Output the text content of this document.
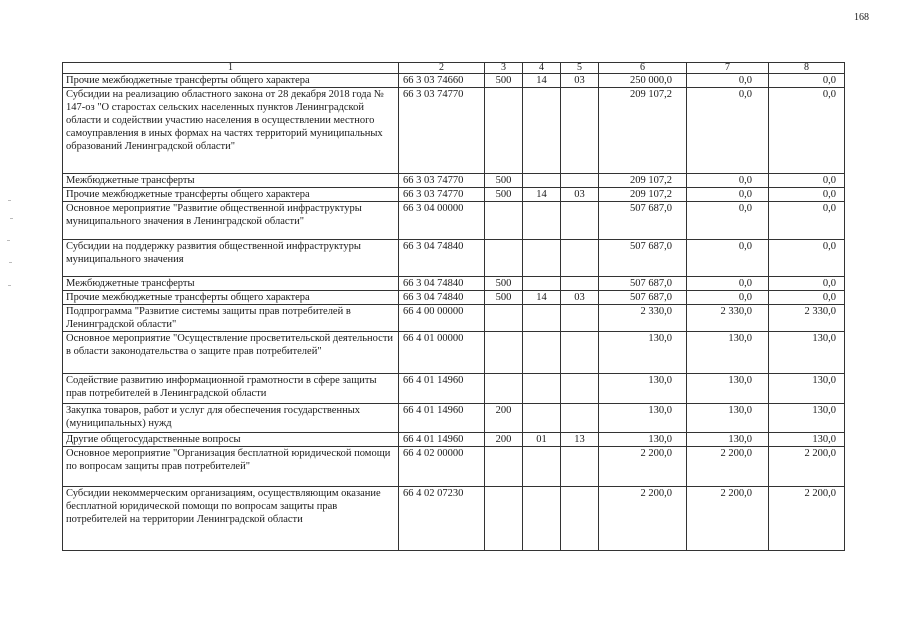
168
1	2	3	4	5	6	7	8
Прочие межбюджетные трансферты общего характера	66 3 03 74660	500	14	03	250 000,0	0,0	0,0
Субсидии на реализацию областного закона от 28 декабря 2018 года № 147-оз "О старостах сельских населенных пунктов Ленинградской области и содействии участию населения в осуществлении местного самоуправления в иных формах на частях территорий муниципальных образований Ленинградской области"	66 3 03 74770				209 107,2	0,0	0,0
Межбюджетные трансферты	66 3 03 74770	500			209 107,2	0,0	0,0
Прочие межбюджетные трансферты общего характера	66 3 03 74770	500	14	03	209 107,2	0,0	0,0
Основное мероприятие "Развитие общественной инфраструктуры муниципального значения в Ленинградской области"	66 3 04 00000				507 687,0	0,0	0,0
Субсидии на поддержку развития общественной инфраструктуры муниципального значения	66 3 04 74840				507 687,0	0,0	0,0
Межбюджетные трансферты	66 3 04 74840	500			507 687,0	0,0	0,0
Прочие межбюджетные трансферты общего характера	66 3 04 74840	500	14	03	507 687,0	0,0	0,0
Подпрограмма "Развитие системы защиты прав потребителей в Ленинградской области"	66 4 00 00000				2 330,0	2 330,0	2 330,0
Основное мероприятие "Осуществление просветительской деятельности в области законодательства о защите прав потребителей"	66 4 01 00000				130,0	130,0	130,0
Содействие развитию информационной грамотности в сфере защиты прав потребителей в Ленинградской области	66 4 01 14960				130,0	130,0	130,0
Закупка товаров, работ и услуг для обеспечения государственных (муниципальных) нужд	66 4 01 14960	200			130,0	130,0	130,0
Другие общегосударственные вопросы	66 4 01 14960	200	01	13	130,0	130,0	130,0
Основное мероприятие "Организация бесплатной юридической помощи по вопросам защиты прав потребителей"	66 4 02 00000				2 200,0	2 200,0	2 200,0
Субсидии некоммерческим организациям, осуществляющим оказание бесплатной юридической помощи по вопросам защиты прав потребителей на территории Ленинградской области	66 4 02 07230				2 200,0	2 200,0	2 200,0
